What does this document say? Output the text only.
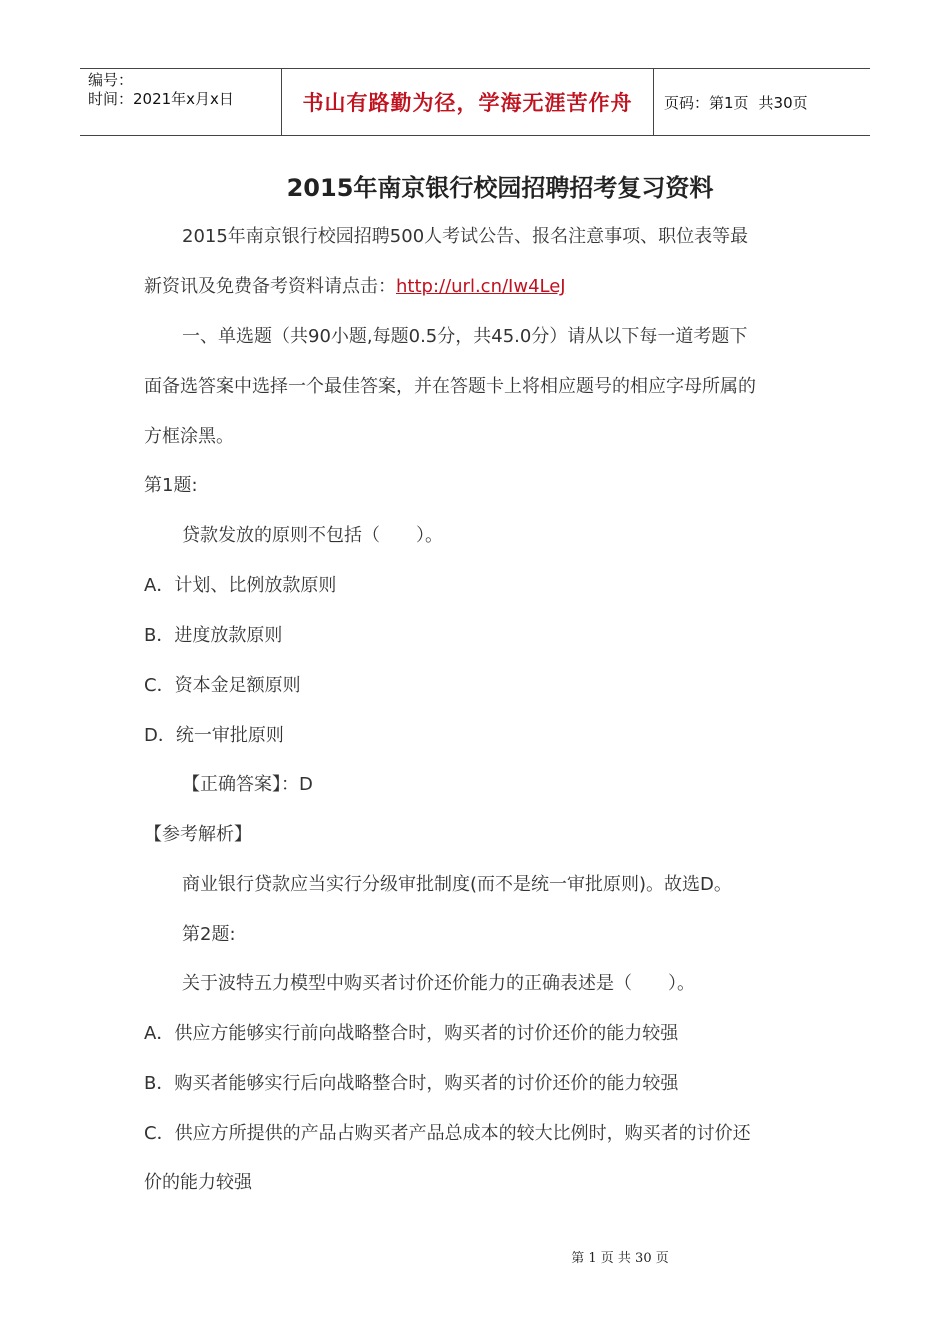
编号：
时间：2021年x月x日	书山有路勤为径，学海无涯苦作舟	页码：第1页 共30页
2015年南京银行校园招聘招考复习资料
2015年南京银行校园招聘500人考试公告、报名注意事项、职位表等最
新资讯及免费备考资料请点击：http://url.cn/Iw4LeJ
一、单选题（共90小题,每题0.5分，共45.0分）请从以下每一道考题下
面备选答案中选择一个最佳答案，并在答题卡上将相应题号的相应字母所属的
方框涂黑。
第1题:
贷款发放的原则不包括（　　）。
A．计划、比例放款原则
B．进度放款原则
C．资本金足额原则
D．统一审批原则
【正确答案】：D
【参考解析】
商业银行贷款应当实行分级审批制度(而不是统一审批原则)。故选D。
第2题:
关于波特五力模型中购买者讨价还价能力的正确表述是（　　）。
A．供应方能够实行前向战略整合时，购买者的讨价还价的能力较强
B．购买者能够实行后向战略整合时，购买者的讨价还价的能力较强
C．供应方所提供的产品占购买者产品总成本的较大比例时，购买者的讨价还
价的能力较强
第 1 页 共 30 页
